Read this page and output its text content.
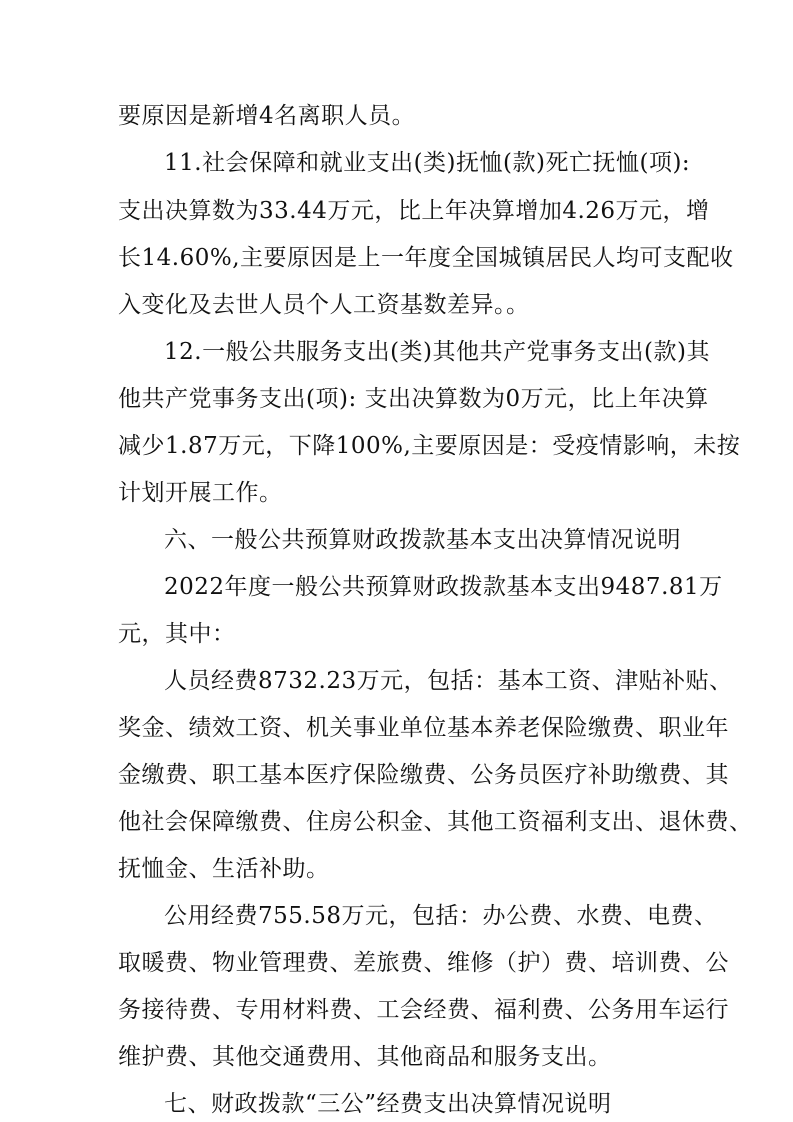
要原因是新增4名离职人员。
11.社会保障和就业支出(类)抚恤(款)死亡抚恤(项):
支出决算数为33.44万元，比上年决算增加4.26万元，增
长14.60%,主要原因是上一年度全国城镇居民人均可支配收
入变化及去世人员个人工资基数差异。。
12.一般公共服务支出(类)其他共产党事务支出(款)其
他共产党事务支出(项): 支出决算数为0万元，比上年决算
减少1.87万元，下降100%,主要原因是：受疫情影响，未按
计划开展工作。
六、一般公共预算财政拨款基本支出决算情况说明
2022年度一般公共预算财政拨款基本支出9487.81万
元，其中：
人员经费8732.23万元，包括：基本工资、津贴补贴、
奖金、绩效工资、机关事业单位基本养老保险缴费、职业年
金缴费、职工基本医疗保险缴费、公务员医疗补助缴费、其
他社会保障缴费、住房公积金、其他工资福利支出、退休费、
抚恤金、生活补助。
公用经费755.58万元，包括：办公费、水费、电费、
取暖费、物业管理费、差旅费、维修（护）费、培训费、公
务接待费、专用材料费、工会经费、福利费、公务用车运行
维护费、其他交通费用、其他商品和服务支出。
七、财政拨款“三公”经费支出决算情况说明
